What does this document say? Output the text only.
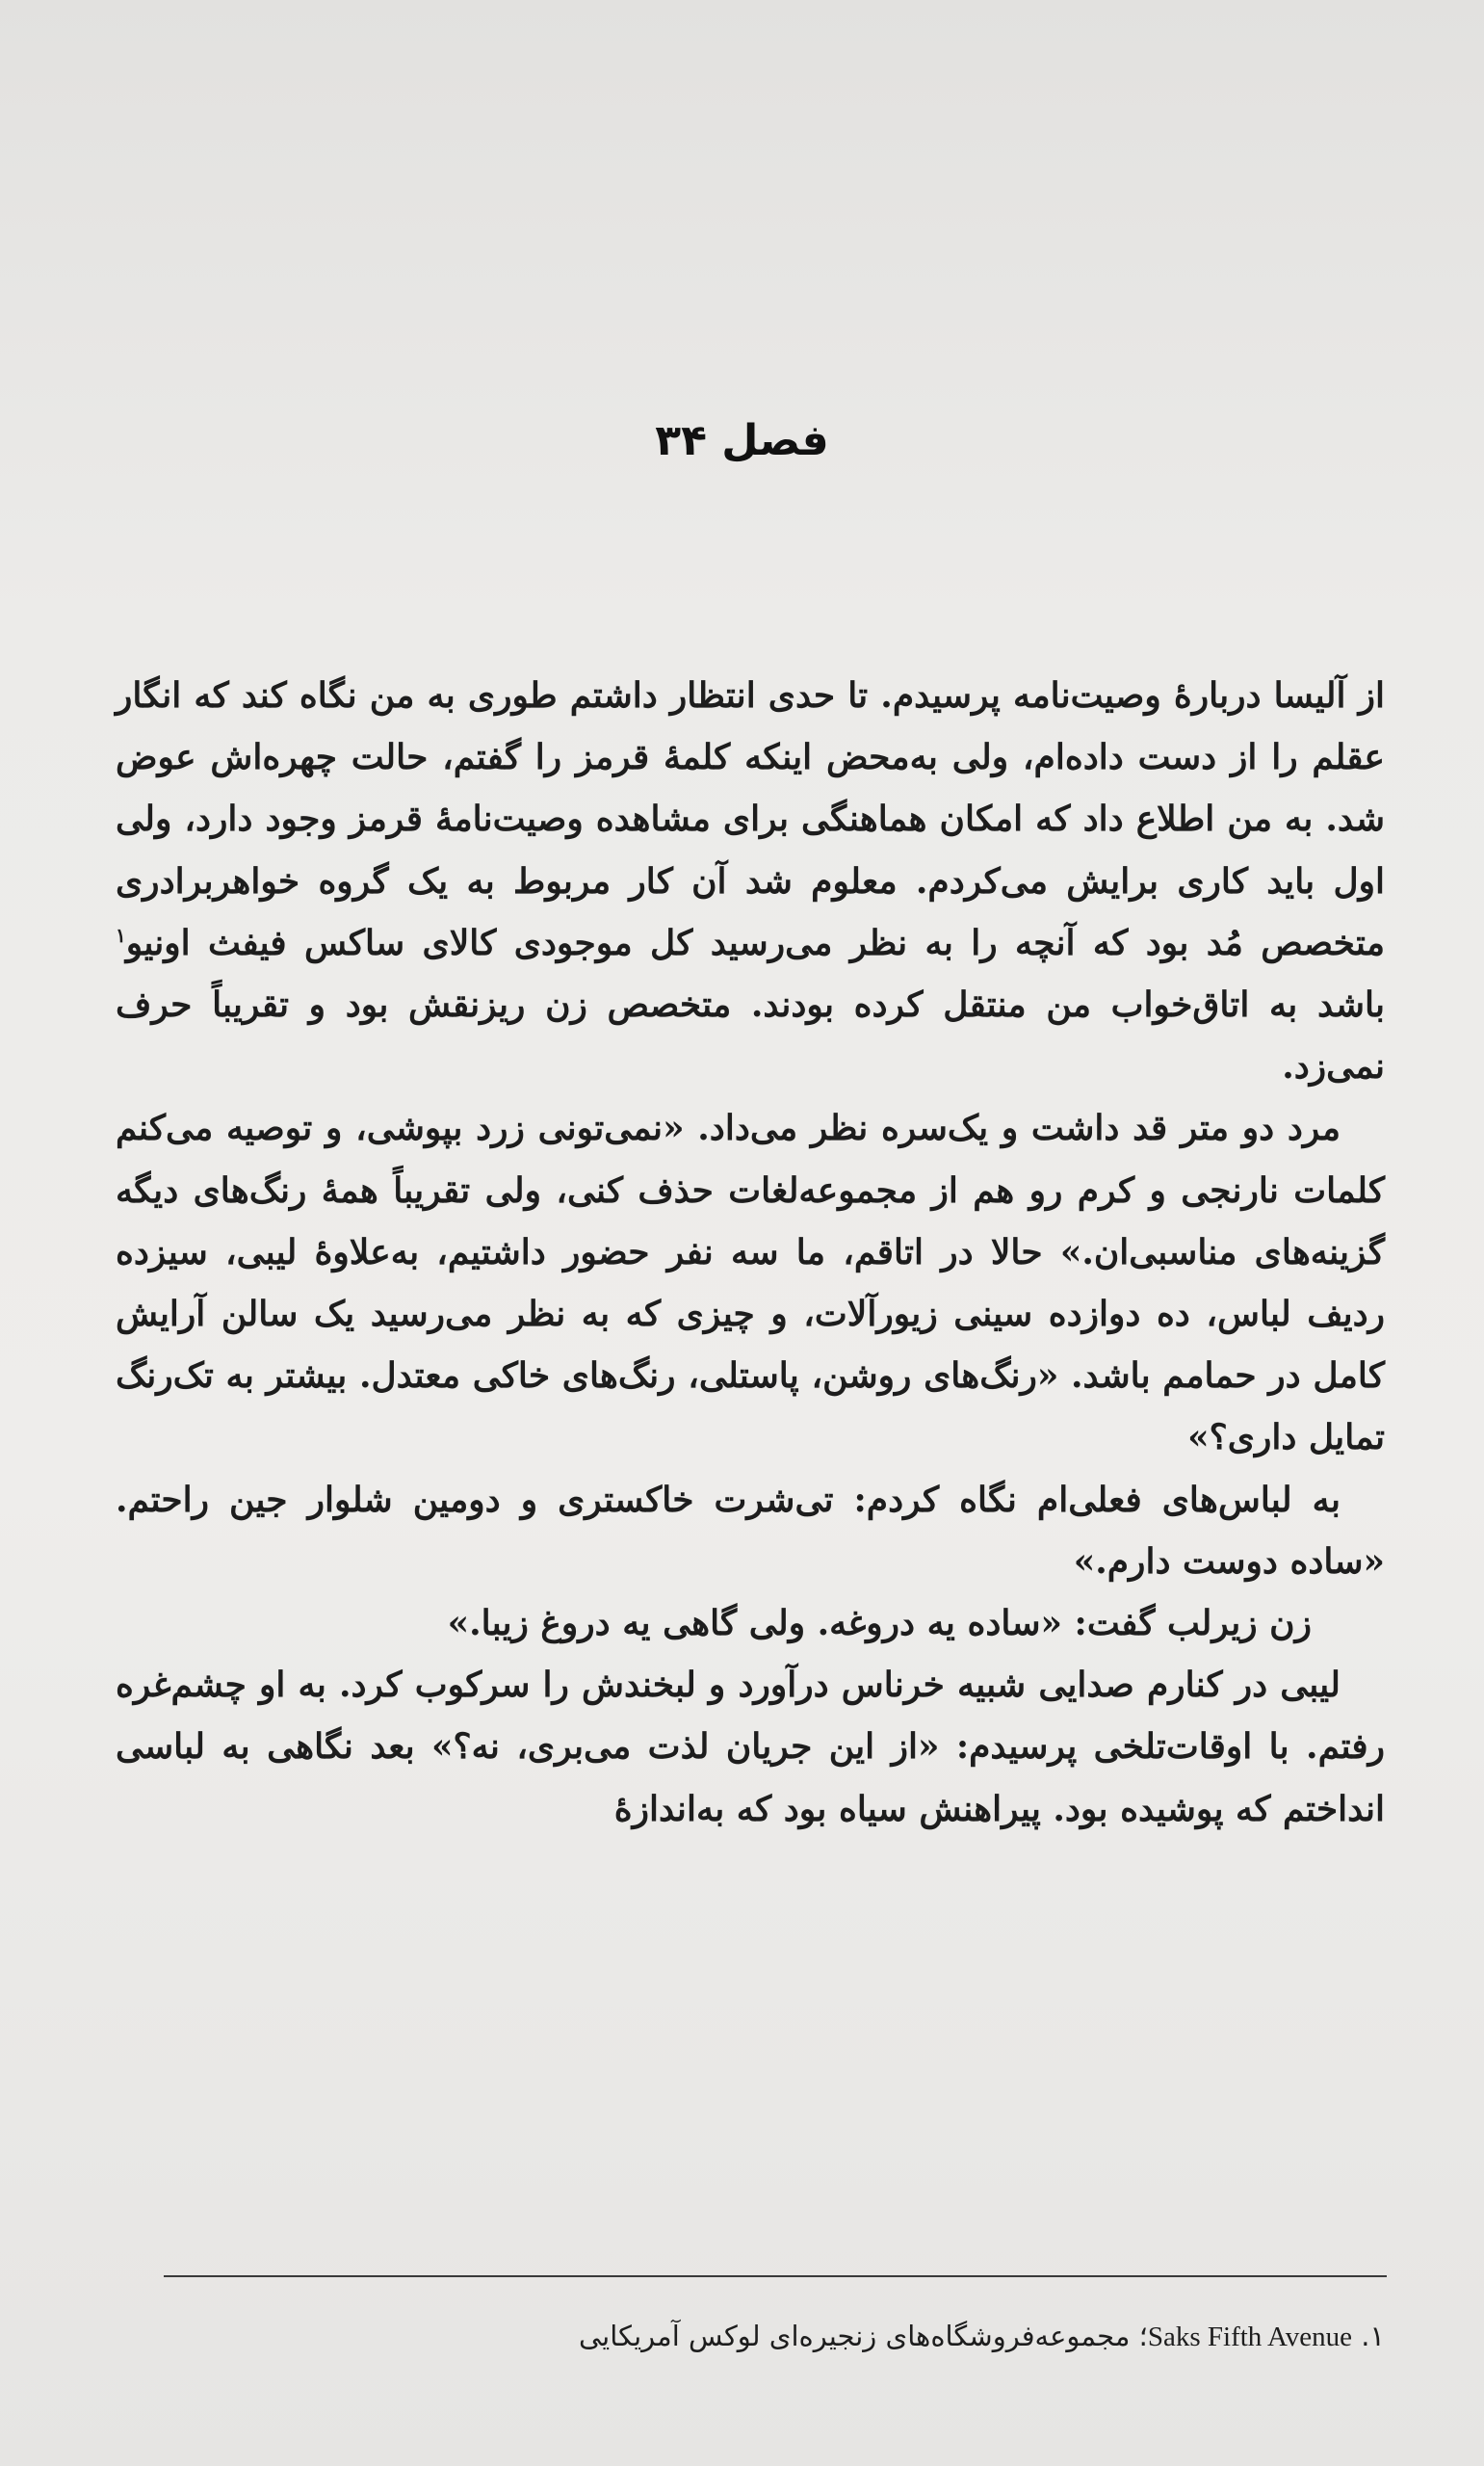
فصل ۳۴

از آلیسا دربارهٔ وصیت‌نامه پرسیدم. تا حدی انتظار داشتم طوری به من نگاه کند که انگار عقلم را از دست داده‌ام، ولی به‌محض اینکه کلمهٔ قرمز را گفتم، حالت چهره‌اش عوض شد. به من اطلاع داد که امکان هماهنگی برای مشاهده وصیت‌نامهٔ قرمز وجود دارد، ولی اول باید کاری برایش می‌کردم. معلوم شد آن کار مربوط به یک گروه خواهربرادری متخصص مُد بود که آنچه را به نظر می‌رسید کل موجودی کالای ساکس فیفث اونیو$^۱$ باشد به اتاق‌خواب من منتقل کرده بودند. متخصص زن ریزنقش بود و تقریباً حرف نمی‌زد.

مرد دو متر قد داشت و یک‌سره نظر می‌داد. «نمی‌تونی زرد بپوشی، و توصیه می‌کنم کلمات نارنجی و کرم رو هم از مجموعه‌لغات حذف کنی، ولی تقریباً همهٔ رنگ‌های دیگه گزینه‌های مناسبی‌ان.» حالا در اتاقم، ما سه نفر حضور داشتیم، به‌علاوهٔ لیبی، سیزده ردیف لباس، ده دوازده سینی زیورآلات، و چیزی که به نظر می‌رسید یک سالن آرایش کامل در حمامم باشد. «رنگ‌های روشن، پاستلی، رنگ‌های خاکی معتدل. بیشتر به تک‌رنگ تمایل داری؟»

به لباس‌های فعلی‌ام نگاه کردم: تی‌شرت خاکستری و دومین شلوار جین راحتم. «ساده دوست دارم.»

زن زیرلب گفت: «ساده یه دروغه. ولی گاهی یه دروغ زیبا.»

لیبی در کنارم صدایی شبیه خرناس درآورد و لبخندش را سرکوب کرد. به او چشم‌غره رفتم. با اوقات‌تلخی پرسیدم: «از این جریان لذت می‌بری، نه؟» بعد نگاهی به لباسی انداختم که پوشیده بود. پیراهنش سیاه بود که به‌اندازهٔ

۱. Saks Fifth Avenue؛ مجموعه‌فروشگاه‌های زنجیره‌ای لوکس آمریکایی
